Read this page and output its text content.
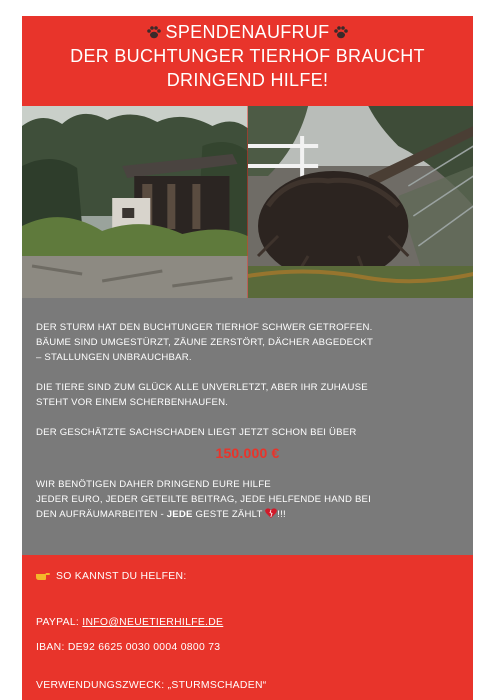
SPENDENAUFRUF
DER BUCHTUNGER TIERHOF BRAUCHT
DRINGEND HILFE!

DER STURM HAT DEN BUCHTUNGER TIERHOF SCHWER GETROFFEN.

BÄUME SIND UMGESTÜRZT, ZÄUNE ZERSTÖRT, DÄCHER ABGEDECKT

– STALLUNGEN UNBRAUCHBAR.

DIE TIERE SIND ZUM GLÜCK ALLE UNVERLETZT, ABER IHR ZUHAUSE

STEHT VOR EINEM SCHERBENHAUFEN.

DER GESCHÄTZTE SACHSCHADEN LIEGT JETZT SCHON BEI ÜBER

150.000 €

WIR BENÖTIGEN DAHER DRINGEND EURE HILFE

JEDER EURO, JEDER GETEILTE BEITRAG, JEDE HELFENDE HAND BEI

DEN AUFRÄUMARBEITEN - JEDE GESTE ZÄHLT !!!

SO KANNST DU HELFEN:
PAYPAL: INFO@NEUETIERHILFE.DE
IBAN: DE92 6625 0030 0004 0800 73
VERWENDUNGSZWECK: „STURMSCHADEN“
